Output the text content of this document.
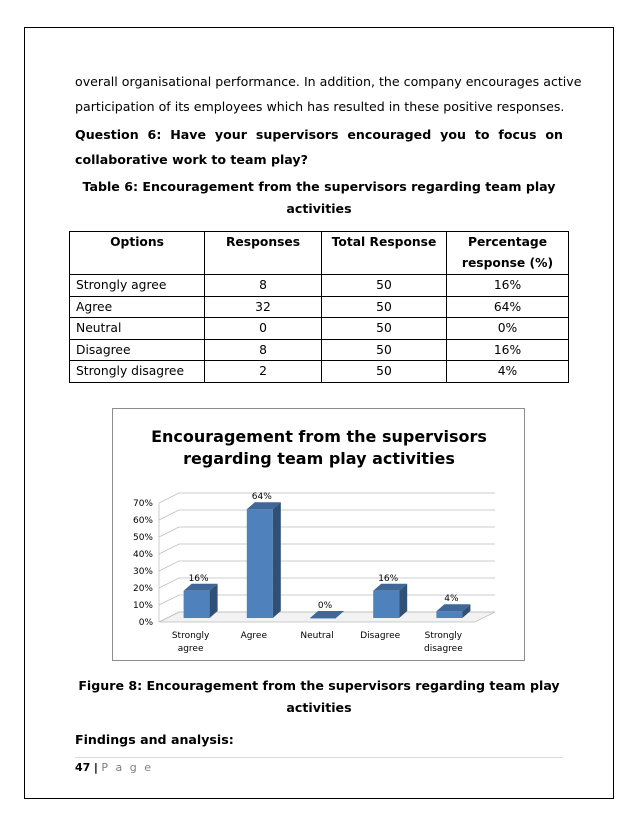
overall organisational performance. In addition, the company encourages active
participation of its employees which has resulted in these positive responses.
Question 6: Have your supervisors encouraged you to focus on
collaborative work to team play?
Table 6: Encouragement from the supervisors regarding team play
activities
Options	Responses	Total Response	Percentage
response (%)
Strongly agree	8	50	16%
Agree	32	50	64%
Neutral	0	50	0%
Disagree	8	50	16%
Strongly disagree	2	50	4%
Encouragement from the supervisors
regarding team play activities
0%
10%
20%
30%
40%
50%
60%
70%
16%
Strongly
agree
64%
Agree
0%
Neutral
16%
Disagree
4%
Strongly
disagree
Figure 8: Encouragement from the supervisors regarding team play
activities
Findings and analysis:
47 | P a g e
